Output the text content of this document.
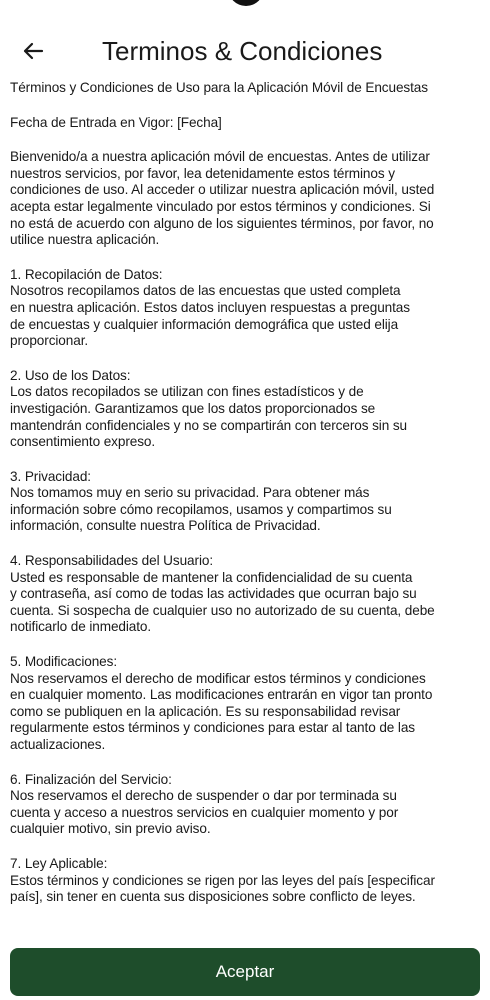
Terminos & Condiciones

Términos y Condiciones de Uso para la Aplicación Móvil de Encuestas

Fecha de Entrada en Vigor: [Fecha]

Bienvenido/a a nuestra aplicación móvil de encuestas. Antes de utilizar
nuestros servicios, por favor, lea detenidamente estos términos y
condiciones de uso. Al acceder o utilizar nuestra aplicación móvil, usted
acepta estar legalmente vinculado por estos términos y condiciones. Si
no está de acuerdo con alguno de los siguientes términos, por favor, no
utilice nuestra aplicación.

1. Recopilación de Datos:
Nosotros recopilamos datos de las encuestas que usted completa
en nuestra aplicación. Estos datos incluyen respuestas a preguntas
de encuestas y cualquier información demográfica que usted elija
proporcionar.
2. Uso de los Datos:
Los datos recopilados se utilizan con fines estadísticos y de
investigación. Garantizamos que los datos proporcionados se
mantendrán confidenciales y no se compartirán con terceros sin su
consentimiento expreso.
3. Privacidad:
Nos tomamos muy en serio su privacidad. Para obtener más
información sobre cómo recopilamos, usamos y compartimos su
información, consulte nuestra Política de Privacidad.
4. Responsabilidades del Usuario:
Usted es responsable de mantener la confidencialidad de su cuenta
y contraseña, así como de todas las actividades que ocurran bajo su
cuenta. Si sospecha de cualquier uso no autorizado de su cuenta, debe
notificarlo de inmediato.
5. Modificaciones:
Nos reservamos el derecho de modificar estos términos y condiciones
en cualquier momento. Las modificaciones entrarán en vigor tan pronto
como se publiquen en la aplicación. Es su responsabilidad revisar
regularmente estos términos y condiciones para estar al tanto de las
actualizaciones.
6. Finalización del Servicio:
Nos reservamos el derecho de suspender o dar por terminada su
cuenta y acceso a nuestros servicios en cualquier momento y por
cualquier motivo, sin previo aviso.
7. Ley Aplicable:
Estos términos y condiciones se rigen por las leyes del país [especificar
país], sin tener en cuenta sus disposiciones sobre conflicto de leyes.
Aceptar
